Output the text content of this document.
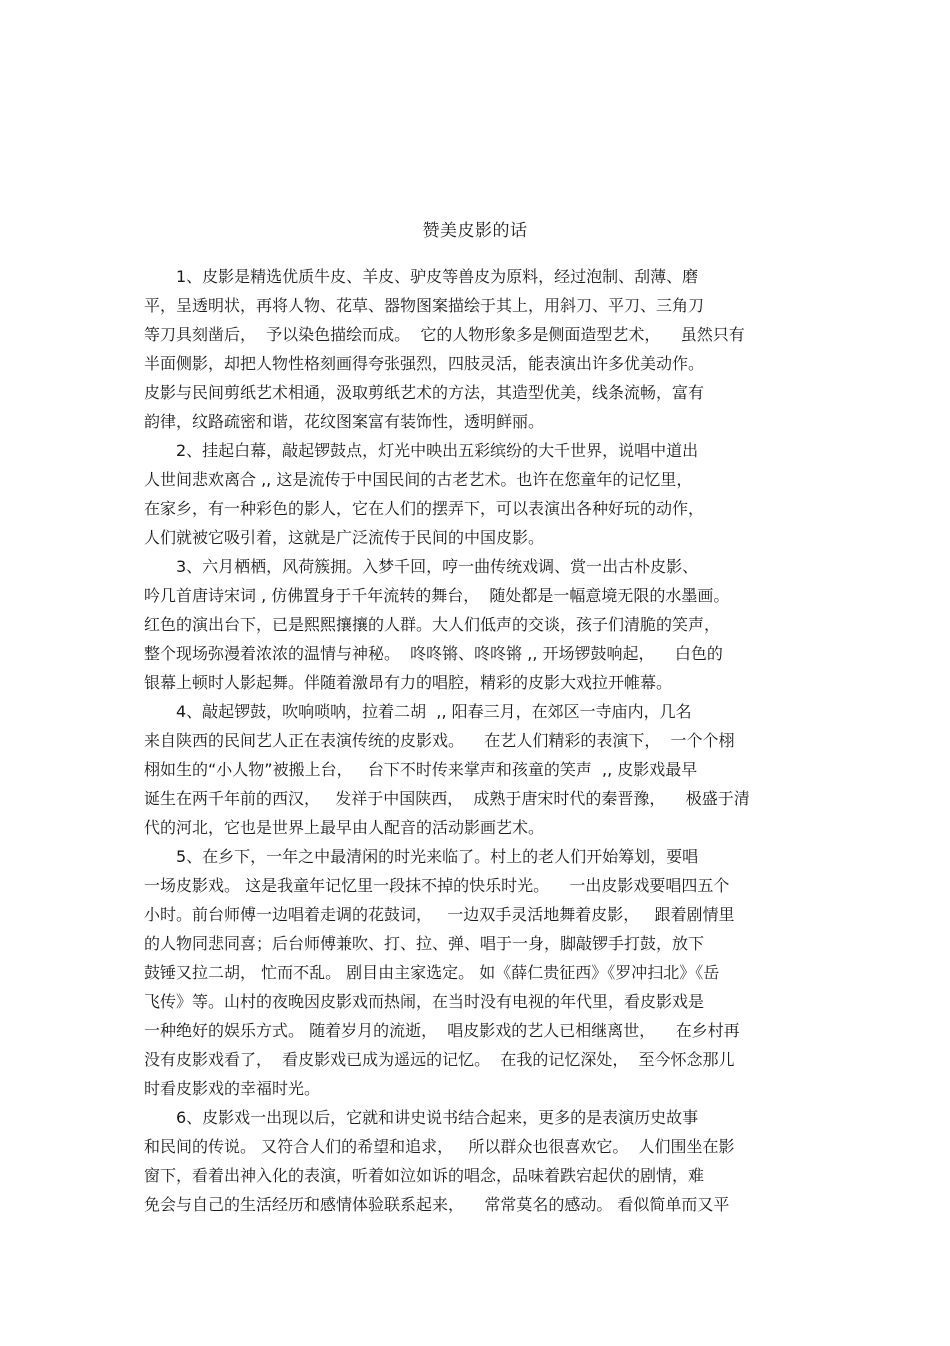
赞美皮影的话
1、皮影是精选优质牛皮、羊皮、驴皮等兽皮为原料，经过泡制、刮薄、磨
平，呈透明状，再将人物、花草、器物图案描绘于其上，用斜刀、平刀、三角刀
等刀具刻凿后，  予以染色描绘而成。  它的人物形象多是侧面造型艺术，    虽然只有
半面侧影，却把人物性格刻画得夸张强烈，四肢灵活，能表演出许多优美动作。
皮影与民间剪纸艺术相通，汲取剪纸艺术的方法，其造型优美，线条流畅，富有
韵律，纹路疏密和谐，花纹图案富有装饰性，透明鲜丽。
2、挂起白幕，敲起锣鼓点，灯光中映出五彩缤纷的大千世界，说唱中道出
人世间悲欢离合 ,, 这是流传于中国民间的古老艺术。也许在您童年的记忆里，
在家乡，有一种彩色的影人，它在人们的摆弄下，可以表演出各种好玩的动作，
人们就被它吸引着，这就是广泛流传于民间的中国皮影。
3、六月栖栖，风荷簇拥。入梦千回，哼一曲传统戏调、赏一出古朴皮影、
吟几首唐诗宋词 , 仿佛置身于千年流转的舞台，  随处都是一幅意境无限的水墨画。
红色的演出台下，已是熙熙攘攘的人群。大人们低声的交谈，孩子们清脆的笑声，
整个现场弥漫着浓浓的温情与神秘。  咚咚锵、咚咚锵 ,, 开场锣鼓响起，    白色的
银幕上顿时人影起舞。伴随着激昂有力的唱腔，精彩的皮影大戏拉开帷幕。
4、敲起锣鼓，吹响唢呐，拉着二胡  ,, 阳春三月，在郊区一寺庙内，几名
来自陕西的民间艺人正在表演传统的皮影戏。    在艺人们精彩的表演下，  一个个栩
栩如生的“小人物”被搬上台，   台下不时传来掌声和孩童的笑声  ,, 皮影戏最早
诞生在两千年前的西汉，   发祥于中国陕西，  成熟于唐宋时代的秦晋豫，    极盛于清
代的河北，它也是世界上最早由人配音的活动影画艺术。
5、在乡下，一年之中最清闲的时光来临了。村上的老人们开始筹划，要唱
一场皮影戏。 这是我童年记忆里一段抹不掉的快乐时光。    一出皮影戏要唱四五个
小时。前台师傅一边唱着走调的花鼓词，   一边双手灵活地舞着皮影，   跟着剧情里
的人物同悲同喜；后台师傅兼吹、打、拉、弹、唱于一身，脚敲锣手打鼓，放下
鼓锤又拉二胡， 忙而不乱。 剧目由主家选定。 如《薛仁贵征西》《罗冲扫北》《岳
飞传》等。山村的夜晚因皮影戏而热闹，在当时没有电视的年代里，看皮影戏是
一种绝好的娱乐方式。 随着岁月的流逝，  唱皮影戏的艺人已相继离世，    在乡村再
没有皮影戏看了，  看皮影戏已成为遥远的记忆。  在我的记忆深处，  至今怀念那儿
时看皮影戏的幸福时光。
6、皮影戏一出现以后，它就和讲史说书结合起来，更多的是表演历史故事
和民间的传说。 又符合人们的希望和追求，   所以群众也很喜欢它。  人们围坐在影
窗下，看着出神入化的表演，听着如泣如诉的唱念，品味着跌宕起伏的剧情，难
免会与自己的生活经历和感情体验联系起来，    常常莫名的感动。 看似简单而又平
